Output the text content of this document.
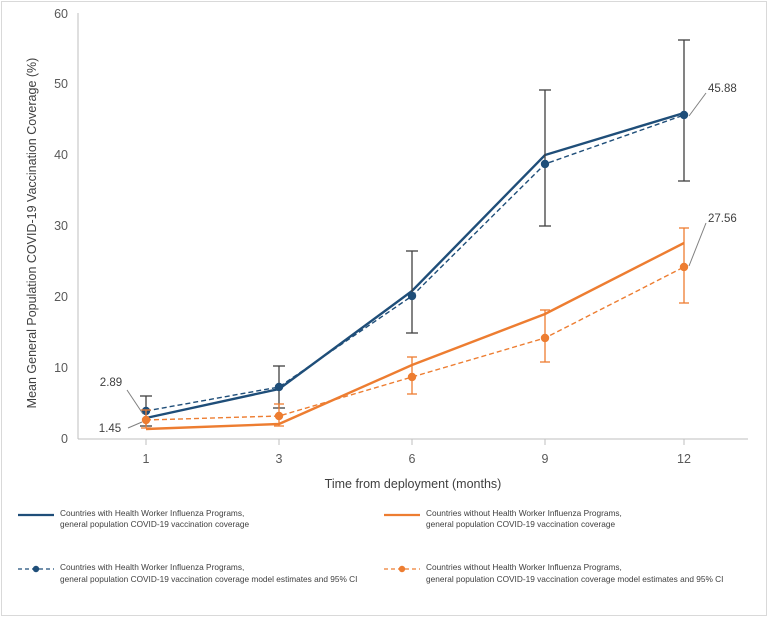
Mean General Population COVID-19 Vaccination Coverage (%)
60
50
40
30
20
10
0
1	3	6	9	12
Time from deployment (months)
2.89
1.45
45.88
27.56
Countries with Health Worker Influenza Programs,
general population COVID-19 vaccination coverage
Countries without Health Worker Influenza Programs,
general population COVID-19 vaccination coverage
Countries with Health Worker Influenza Programs,
general population COVID-19 vaccination coverage model estimates and 95% CI
Countries without Health Worker Influenza Programs,
general population COVID-19 vaccination coverage model estimates and 95% CI
